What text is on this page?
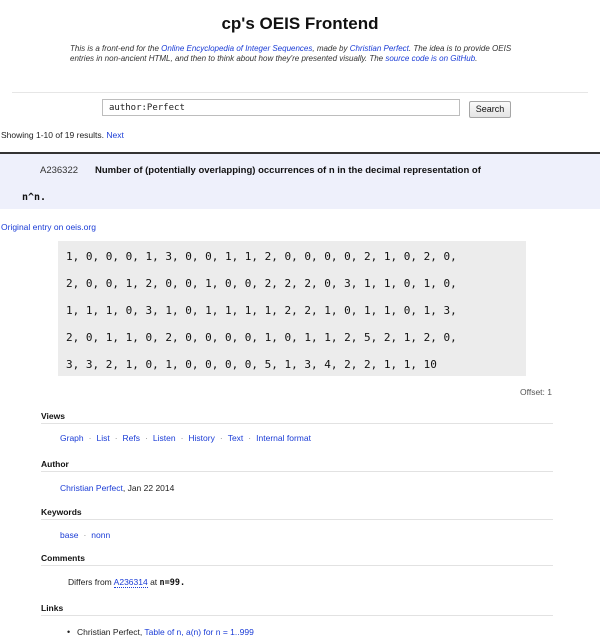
cp's OEIS Frontend
This is a front-end for the Online Encyclopedia of Integer Sequences, made by Christian Perfect. The idea is to provide OEIS entries in non-ancient HTML, and then to think about how they're presented visually. The source code is on GitHub.
author:Perfect
Search
Showing 1-10 of 19 results. Next
A236322 Number of (potentially overlapping) occurrences of n in the decimal representation of
n^n.
Original entry on oeis.org
1, 0, 0, 0, 1, 3, 0, 0, 1, 1, 2, 0, 0, 0, 0, 2, 1, 0, 2, 0,
2, 0, 0, 1, 2, 0, 0, 1, 0, 0, 2, 2, 2, 0, 3, 1, 1, 0, 1, 0,
1, 1, 1, 0, 3, 1, 0, 1, 1, 1, 1, 2, 2, 1, 0, 1, 1, 0, 1, 3,
2, 0, 1, 1, 0, 2, 0, 0, 0, 0, 1, 0, 1, 1, 2, 5, 2, 1, 2, 0,
3, 3, 2, 1, 0, 1, 0, 0, 0, 0, 5, 1, 3, 4, 2, 2, 1, 1, 10
Offset: 1
Views
Graph · List · Refs · Listen · History · Text · Internal format
Author
Christian Perfect, Jan 22 2014
Keywords
base · nonn
Comments
Differs from A236314 at n=99.
Links
• Christian Perfect, Table of n, a(n) for n = 1..999
